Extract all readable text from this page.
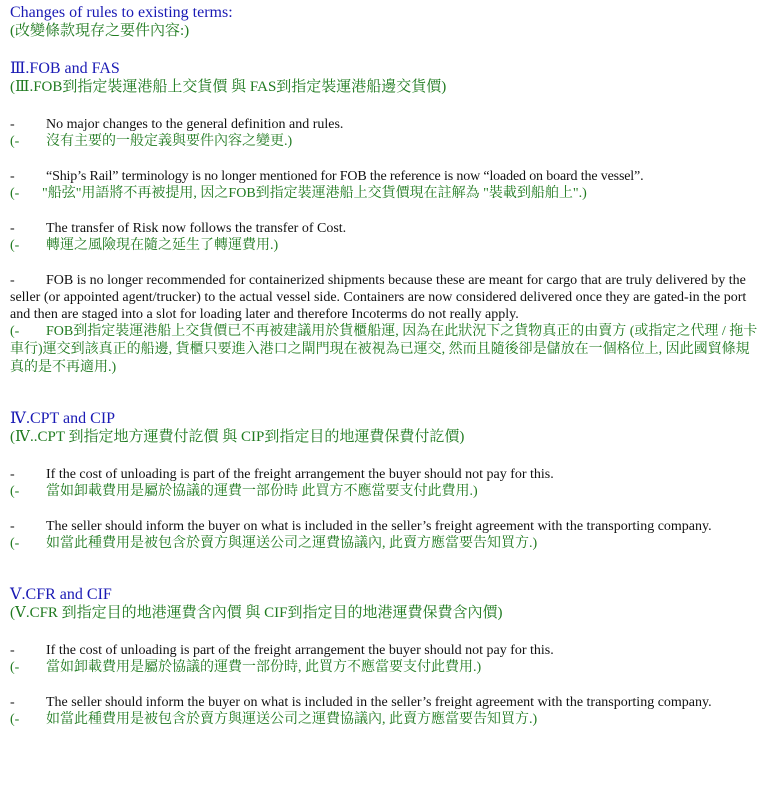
Changes of rules to existing terms:
(改變條款現存之要件內容:)
Ⅲ.FOB and FAS
(Ⅲ.FOB到指定裝運港船上交貨價 與 FAS到指定裝運港船邊交貨價)
-	No major changes to the general definition and rules.
(-	沒有主要的一般定義與要件內容之變更.)
-	“Ship’s Rail” terminology is no longer mentioned for FOB the reference is now “loaded on board the vessel”.
(-	"船弦"用語將不再被提用, 因之FOB到指定裝運港船上交貨價現在註解為 "裝載到船舶上".)
-	The transfer of Risk now follows the transfer of Cost.
(-	轉運之風險現在隨之延生了轉運費用.)
-	FOB is no longer recommended for containerized shipments because these are meant for cargo that are truly delivered by the seller (or appointed agent/trucker) to the actual vessel side. Containers are now considered delivered once they are gated-in the port and then are staged into a slot for loading later and therefore Incoterms do not really apply.
(-	FOB到指定裝運港船上交貨價已不再被建議用於貨櫃船運, 因為在此狀況下之貨物真正的由賣方 (或指定之代理 / 拖卡車行)運交到該真正的船邊, 貨櫃只要進入港口之閘門現在被視為已運交, 然而且隨後卻是儲放在一個格位上, 因此國貿條規真的是不再適用.)
Ⅳ.CPT and CIP
(Ⅳ..CPT 到指定地方運費付訖價 與 CIP到指定目的地運費保費付訖價)
-	If the cost of unloading is part of the freight arrangement the buyer should not pay for this.
(-	當如卸載費用是屬於協議的運費一部份時 此買方不應當要支付此費用.)
-	The seller should inform the buyer on what is included in the seller’s freight agreement with the transporting company.
(-	如當此種費用是被包含於賣方與運送公司之運費協議內, 此賣方應當要告知買方.)
Ⅴ.CFR and CIF
(Ⅴ.CFR 到指定目的地港運費含內價 與 CIF到指定目的地港運費保費含內價)
-	If the cost of unloading is part of the freight arrangement the buyer should not pay for this.
(-	當如卸載費用是屬於協議的運費一部份時, 此買方不應當要支付此費用.)
-	The seller should inform the buyer on what is included in the seller’s freight agreement with the transporting company.
(-	如當此種費用是被包含於賣方與運送公司之運費協議內, 此賣方應當要告知買方.)
